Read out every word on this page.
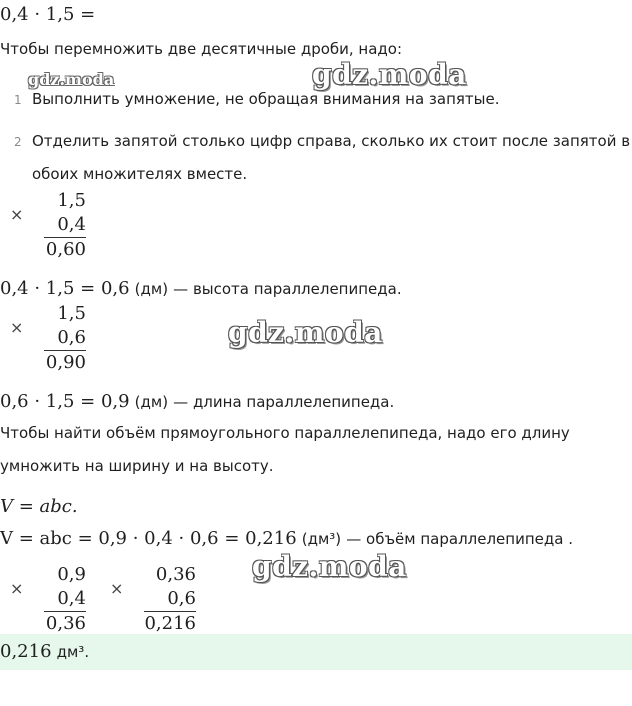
0,4 · 1,5 =
Чтобы перемножить две десятичные дроби, надо:
gdz.moda	gdz.moda
1 Выполнить умножение, не обращая внимания на запятые.
2 Отделить запятой столько цифр справа, сколько их стоит после запятой в
обоих множителях вместе.
×
1,5
0,4
0,60
0,4 · 1,5 = 0,6 (дм) — высота параллелепипеда.
×
1,5
0,6
0,90
gdz.moda
0,6 · 1,5 = 0,9 (дм) — длина параллелепипеда.
Чтобы найти объём прямоугольного параллелепипеда, надо его длину
умножить на ширину и на высоту.
V = abc.
V = abc = 0,9 · 0,4 · 0,6 = 0,216 (дм³) — объём параллелепипеда .
×
0,9
0,4
0,36
×
0,36
0,6
0,216
gdz.moda
0,216 дм³.
